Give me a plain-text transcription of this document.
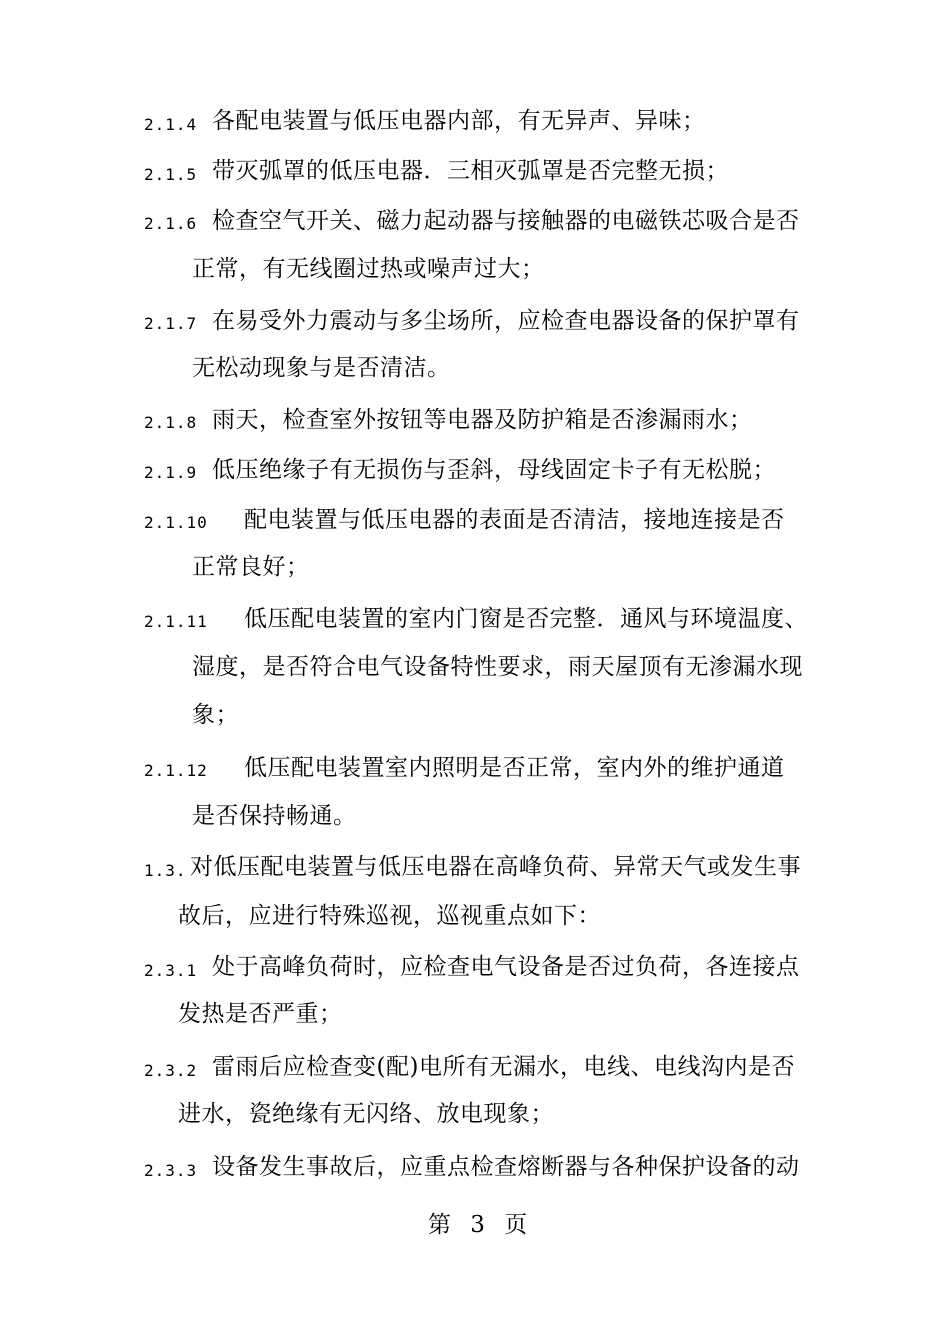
2.1.4 各配电装置与低压电器内部，有无异声、异味；
2.1.5 带灭弧罩的低压电器．三相灭弧罩是否完整无损；
2.1.6 检查空气开关、磁力起动器与接触器的电磁铁芯吸合是否
正常，有无线圈过热或噪声过大；
2.1.7 在易受外力震动与多尘场所，应检查电器设备的保护罩有
无松动现象与是否清洁。
2.1.8 雨天，检查室外按钮等电器及防护箱是否渗漏雨水；
2.1.9 低压绝缘子有无损伤与歪斜，母线固定卡子有无松脱；
2.1.10 配电装置与低压电器的表面是否清洁，接地连接是否
正常良好；
2.1.11 低压配电装置的室内门窗是否完整．通风与环境温度、
湿度，是否符合电气设备特性要求，雨天屋顶有无渗漏水现
象；
2.1.12 低压配电装置室内照明是否正常，室内外的维护通道
是否保持畅通。
1.3. 对低压配电装置与低压电器在高峰负荷、异常天气或发生事
故后，应进行特殊巡视，巡视重点如下：
2.3.1 处于高峰负荷时，应检查电气设备是否过负荷，各连接点
发热是否严重；
2.3.2 雷雨后应检查变(配)电所有无漏水，电线、电线沟内是否
进水，瓷绝缘有无闪络、放电现象；
2.3.3 设备发生事故后，应重点检查熔断器与各种保护设备的动
第 3 页
